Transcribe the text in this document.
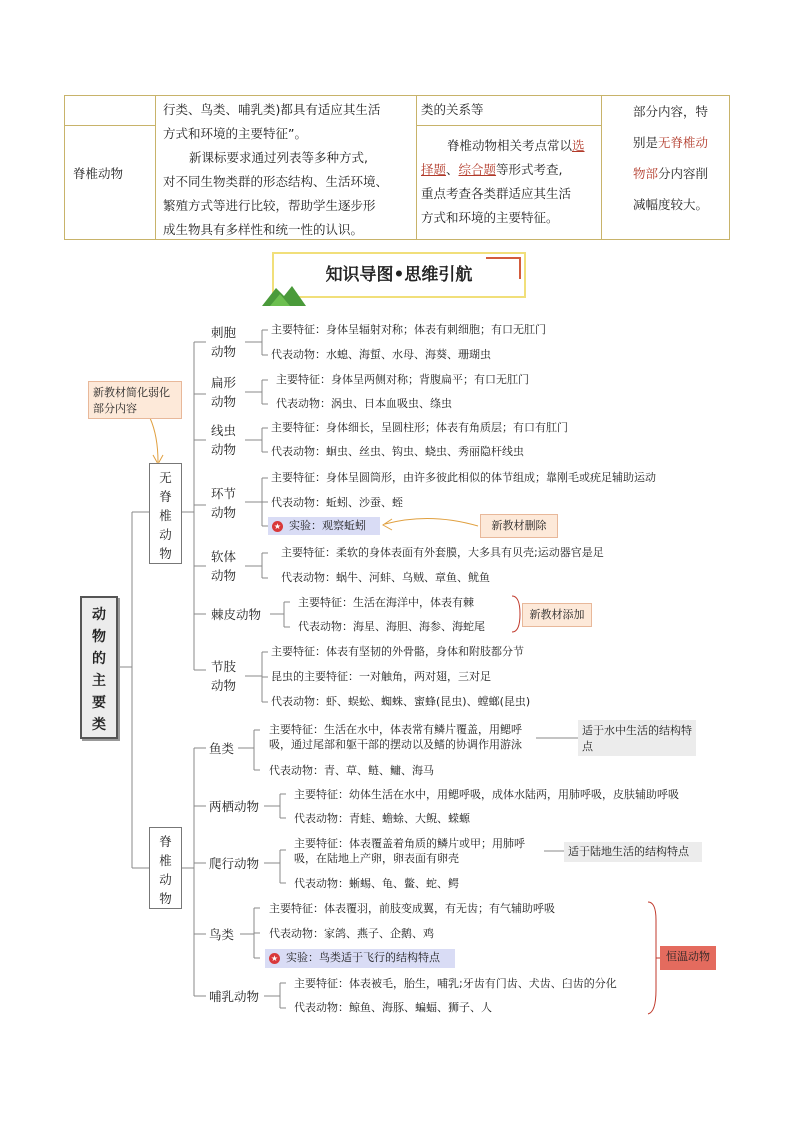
脊椎动物
行类、鸟类、哺乳类)都具有适应其生活
方式和环境的主要特征”。
新课标要求通过列表等多种方式,
对不同生物类群的形态结构、生活环境、
繁殖方式等进行比较，帮助学生逐步形
成生物具有多样性和统一性的认识。
类的关系等
脊椎动物相关考点常以选
择题、综合题等形式考查,
重点考查各类群适应其生活
方式和环境的主要特征。
部分内容，特
别是无脊椎动
物部分内容削
减幅度较大。
知识导图•思维引航
动
物
的
主
要
类
新教材简化弱化部分内容
新教材删除
新教材添加
适于水中生活的结构特点
适于陆地生活的结构特点
恒温动物
无
脊
椎
动
物
刺胞
动物
主要特征：身体呈辐射对称；体表有刺细胞；有口无肛门
代表动物：水螅、海蜇、水母、海葵、珊瑚虫
扁形
动物
主要特征：身体呈两侧对称；背腹扁平；有口无肛门
代表动物：涡虫、日本血吸虫、绦虫
线虫
动物
主要特征：身体细长，呈圆柱形；体表有角质层；有口有肛门
代表动物：蛔虫、丝虫、钩虫、蛲虫、秀丽隐杆线虫
环节
动物
主要特征：身体呈圆筒形，由许多彼此相似的体节组成；靠刚毛或疣足辅助运动
代表动物：蚯蚓、沙蚕、蛭
★ 实验：观察蚯蚓
软体
动物
主要特征：柔软的身体表面有外套膜，大多具有贝壳;运动器官是足
代表动物：蜗牛、河蚌、乌贼、章鱼、鱿鱼
棘皮动物
主要特征：生活在海洋中，体表有棘
代表动物：海星、海胆、海参、海蛇尾
节肢
动物
主要特征：体表有坚韧的外骨骼，身体和附肢都分节
昆虫的主要特征：一对触角，两对翅，三对足
代表动物：虾、蜈蚣、蜘蛛、蜜蜂(昆虫)、螳螂(昆虫)
脊
椎
动
物
鱼类
主要特征：生活在水中，体表常有鳞片覆盖，用鳃呼
吸，通过尾部和躯干部的摆动以及鳍的协调作用游泳
代表动物：青、草、鲢、鳙、海马
两栖动物
主要特征：幼体生活在水中，用鳃呼吸，成体水陆两，用肺呼吸，皮肤辅助呼吸
代表动物：青蛙、蟾蜍、大鲵、蝾螈
爬行动物
主要特征：体表覆盖着角质的鳞片或甲；用肺呼
吸，在陆地上产卵，卵表面有卵壳
代表动物：蜥蜴、龟、鳖、蛇、鳄
鸟类
主要特征：体表覆羽，前肢变成翼，有无齿；有气辅助呼吸
代表动物：家鸽、燕子、企鹅、鸡
★ 实验：鸟类适于飞行的结构特点
哺乳动物
主要特征：体表被毛，胎生，哺乳;牙齿有门齿、犬齿、臼齿的分化
代表动物：鲸鱼、海豚、蝙蝠、狮子、人
